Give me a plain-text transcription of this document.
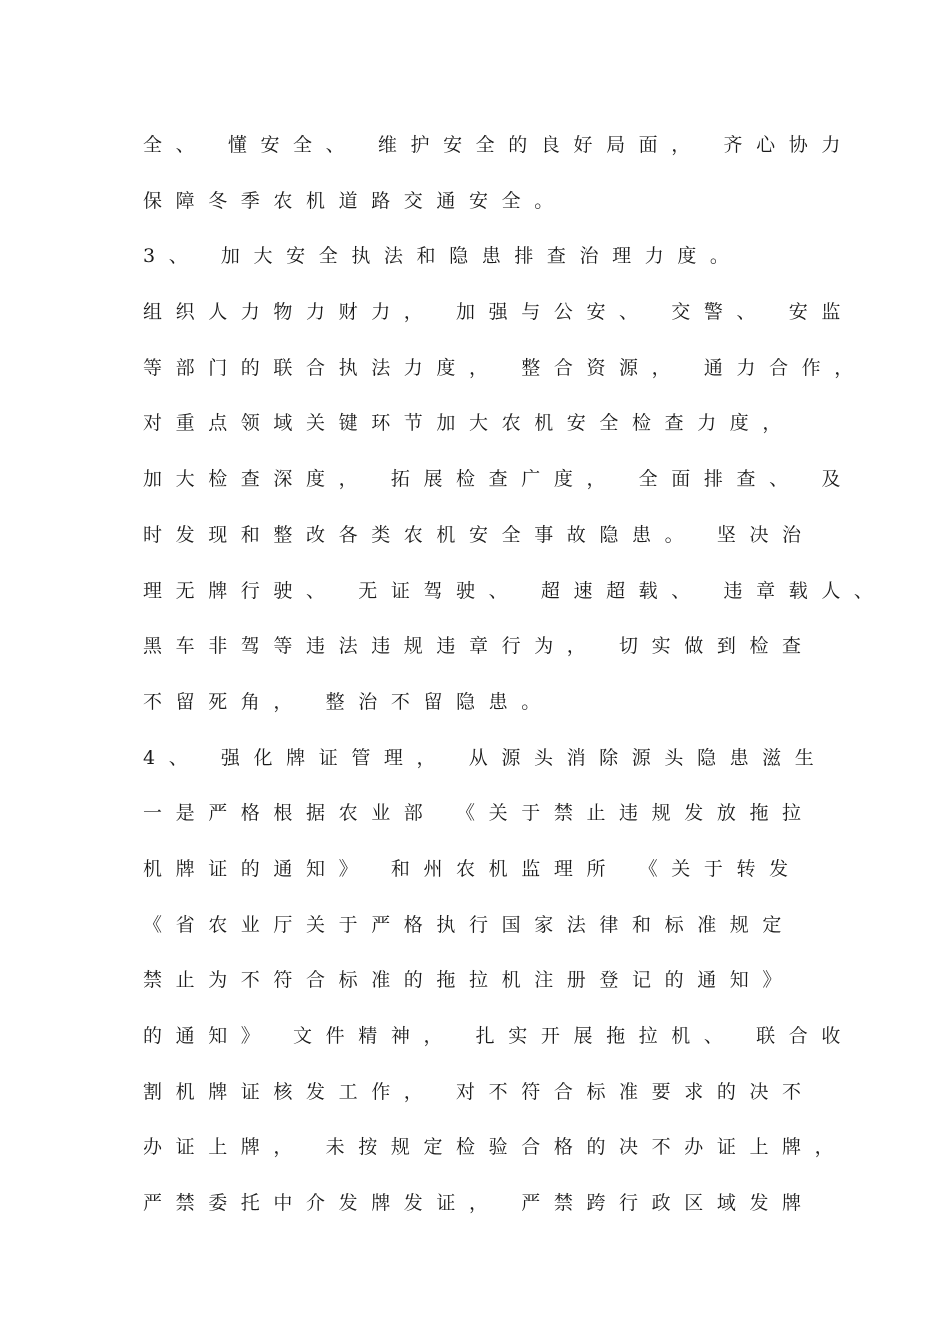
全、 懂安全、 维护安全的良好局面， 齐心协力
保障冬季农机道路交通安全。
3、 加大安全执法和隐患排查治理力度。
组织人力物力财力， 加强与公安、 交警、 安监
等部门的联合执法力度， 整合资源， 通力合作，
对重点领域关键环节加大农机安全检查力度，
加大检查深度， 拓展检查广度， 全面排查、 及
时发现和整改各类农机安全事故隐患。 坚决治
理无牌行驶、 无证驾驶、 超速超载、 违章载人、
黑车非驾等违法违规违章行为， 切实做到检查
不留死角， 整治不留隐患。
4、 强化牌证管理， 从源头消除源头隐患滋生
一是严格根据农业部 《关于禁止违规发放拖拉
机牌证的通知》 和州农机监理所 《关于转发
《省农业厅关于严格执行国家法律和标准规定
禁止为不符合标准的拖拉机注册登记的通知》
的通知》 文件精神， 扎实开展拖拉机、 联合收
割机牌证核发工作， 对不符合标准要求的决不
办证上牌， 未按规定检验合格的决不办证上牌，
严禁委托中介发牌发证， 严禁跨行政区域发牌
